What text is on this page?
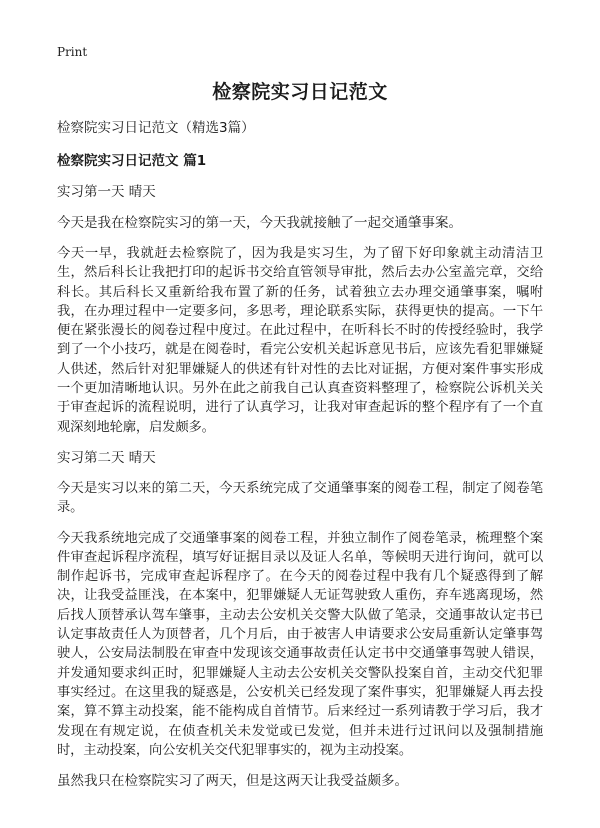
Print
检察院实习日记范文
检察院实习日记范文（精选3篇）
检察院实习日记范文 篇1
实习第一天 晴天

今天是我在检察院实习的第一天，今天我就接触了一起交通肇事案。

今天一早，我就赶去检察院了，因为我是实习生，为了留下好印象就主动清洁卫生，然后科长让我把打印的起诉书交给直管领导审批，然后去办公室盖完章，交给科长。其后科长又重新给我布置了新的任务，试着独立去办理交通肇事案，嘱咐我，在办理过程中一定要多问，多思考，理论联系实际，获得更快的提高。一下午便在紧张漫长的阅卷过程中度过。在此过程中，在听科长不时的传授经验时，我学到了一个小技巧，就是在阅卷时，看完公安机关起诉意见书后，应该先看犯罪嫌疑人供述，然后针对犯罪嫌疑人的供述有针对性的去比对证据，方便对案件事实形成一个更加清晰地认识。另外在此之前我自己认真查资料整理了，检察院公诉机关关于审查起诉的流程说明，进行了认真学习，让我对审查起诉的整个程序有了一个直观深刻地轮廓，启发颇多。

实习第二天 晴天

今天是实习以来的第二天，今天系统完成了交通肇事案的阅卷工程，制定了阅卷笔录。

今天我系统地完成了交通肇事案的阅卷工程，并独立制作了阅卷笔录，梳理整个案件审查起诉程序流程，填写好证据目录以及证人名单，等候明天进行询问，就可以制作起诉书，完成审查起诉程序了。在今天的阅卷过程中我有几个疑惑得到了解决，让我受益匪浅，在本案中，犯罪嫌疑人无证驾驶致人重伤，弃车逃离现场，然后找人顶替承认驾车肇事，主动去公安机关交警大队做了笔录，交通事故认定书已认定事故责任人为顶替者，几个月后，由于被害人申请要求公安局重新认定肇事驾驶人，公安局法制股在审查中发现该交通事故责任认定书中交通肇事驾驶人错误，并发通知要求纠正时，犯罪嫌疑人主动去公安机关交警队投案自首，主动交代犯罪事实经过。在这里我的疑惑是，公安机关已经发现了案件事实，犯罪嫌疑人再去投案，算不算主动投案，能不能构成自首情节。后来经过一系列请教于学习后，我才发现在有规定说，在侦查机关未发觉或已发觉，但并未进行过讯问以及强制措施时，主动投案，向公安机关交代犯罪事实的，视为主动投案。

虽然我只在检察院实习了两天，但是这两天让我受益颇多。
